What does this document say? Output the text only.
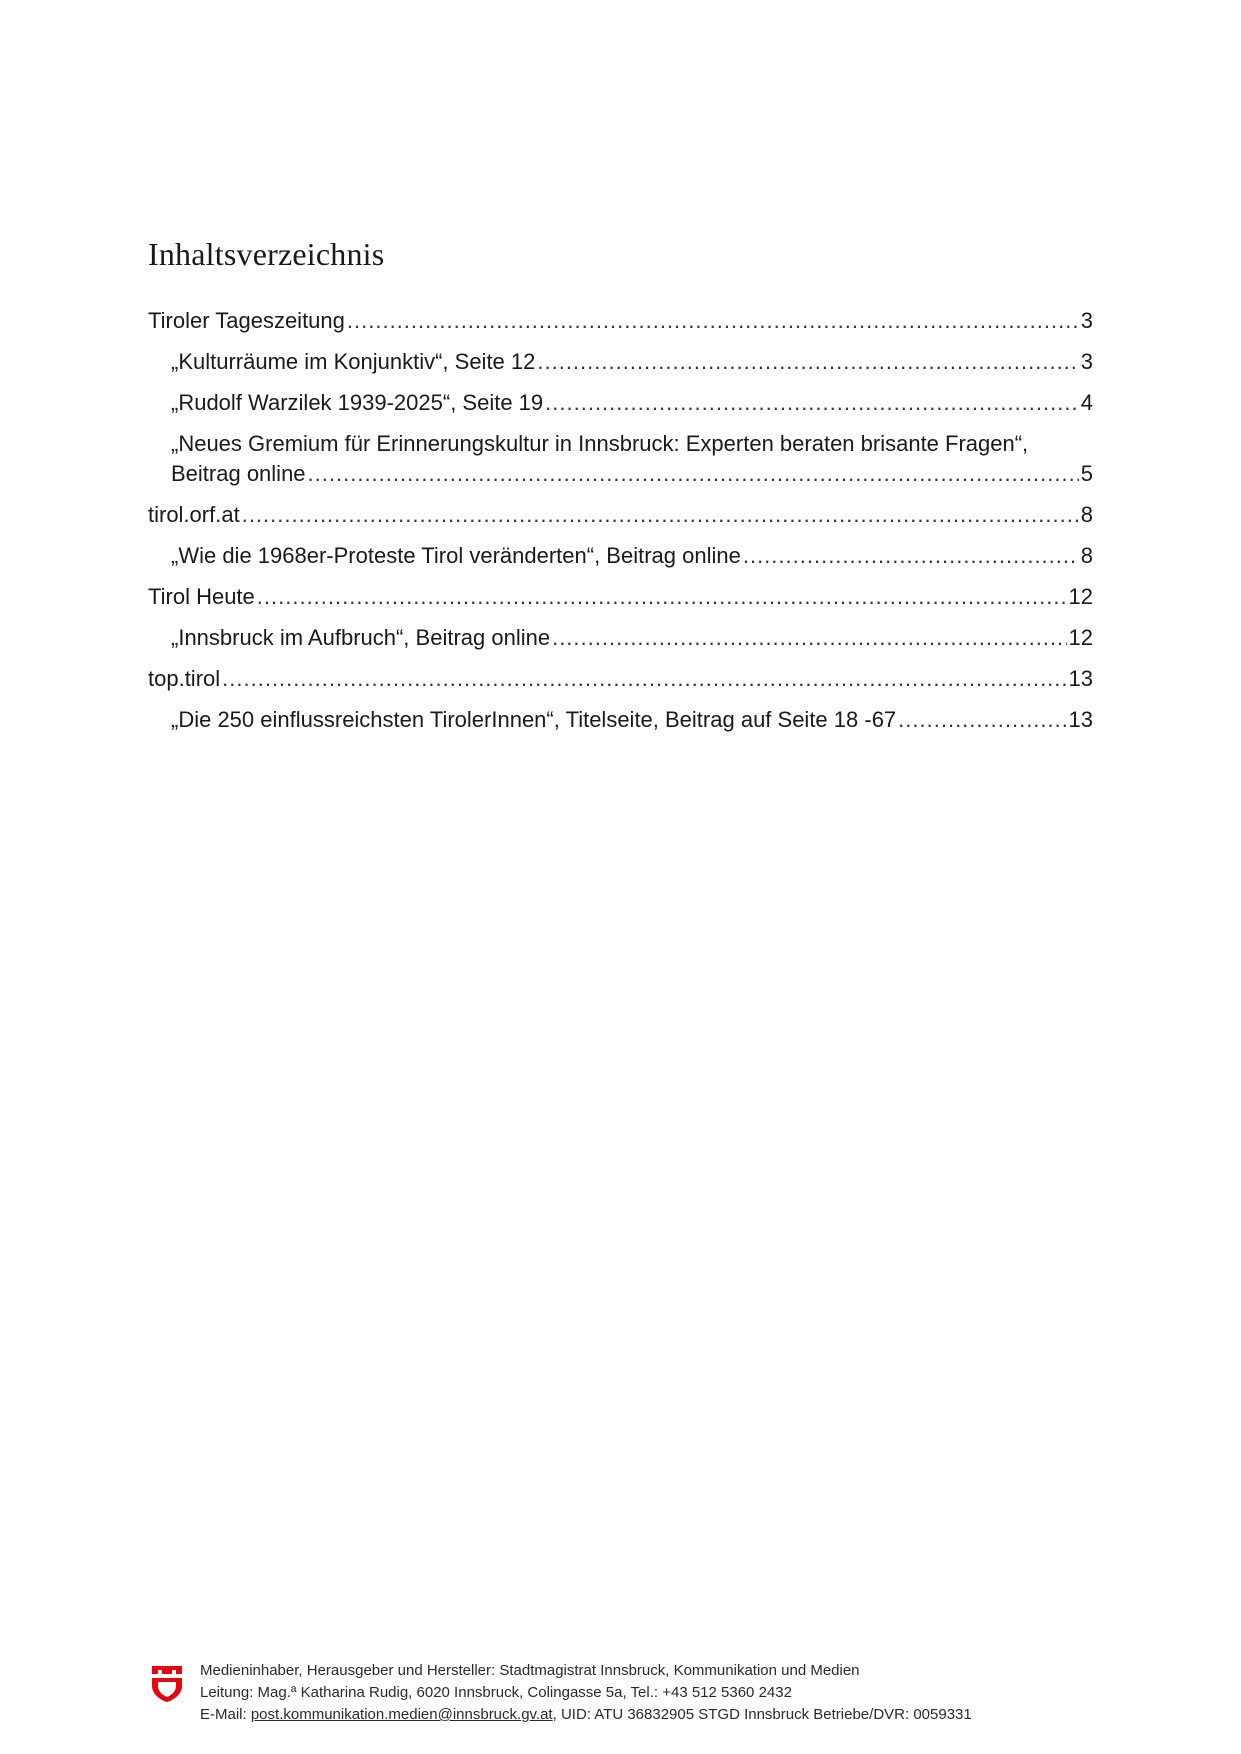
Inhaltsverzeichnis
Tiroler Tageszeitung .....	3
„Kulturräume im Konjunktiv“, Seite 12 .....	3
„Rudolf Warzilek 1939-2025“, Seite 19 .....	4
„Neues Gremium für Erinnerungskultur in Innsbruck: Experten beraten brisante Fragen“,
Beitrag online .....	5
tirol.orf.at .....	8
„Wie die 1968er-Proteste Tirol veränderten“, Beitrag online .....	8
Tirol Heute .....	12
„Innsbruck im Aufbruch“, Beitrag online .....	12
top.tirol .....	13
„Die 250 einflussreichsten TirolerInnen“, Titelseite, Beitrag auf Seite 18 -67 .....	13
Medieninhaber, Herausgeber und Hersteller: Stadtmagistrat Innsbruck, Kommunikation und Medien
Leitung: Mag.ª Katharina Rudig, 6020 Innsbruck, Colingasse 5a, Tel.: +43 512 5360 2432
E-Mail: post.kommunikation.medien@innsbruck.gv.at, UID: ATU 36832905 STGD Innsbruck Betriebe/DVR: 0059331
